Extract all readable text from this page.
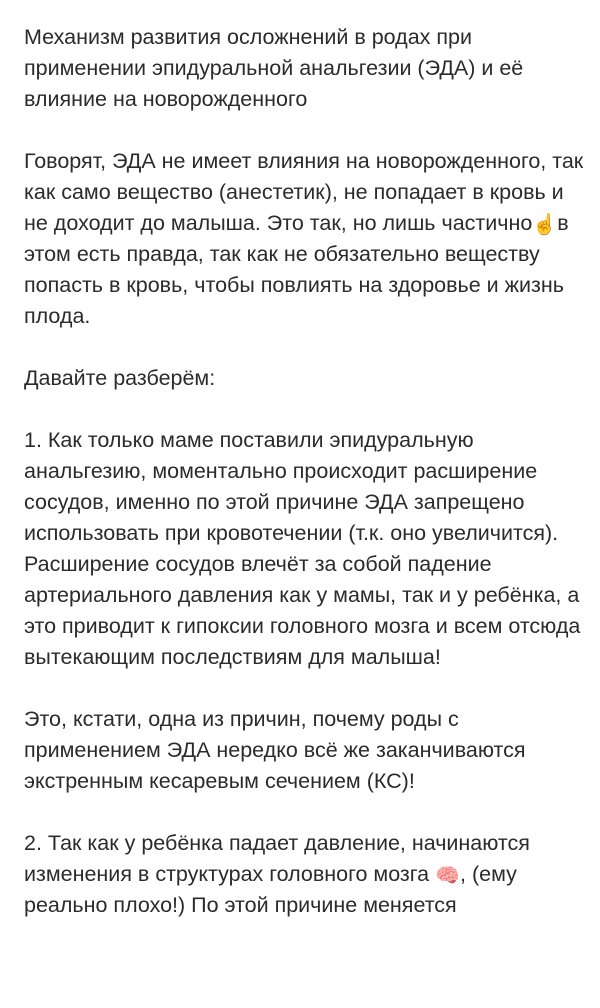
Механизм развития осложнений в родах при применении эпидуральной анальгезии (ЭДА) и её влияние на новорожденного

Говорят, ЭДА не имеет влияния на новорожденного, так как само вещество (анестетик), не попадает в кровь и не доходит до малыша. Это так, но лишь частично☝в этом есть правда, так как не обязательно веществу попасть в кровь, чтобы повлиять на здоровье и жизнь плода.

Давайте разберём:

1. Как только маме поставили эпидуральную анальгезию, моментально происходит расширение сосудов, именно по этой причине ЭДА запрещено использовать при кровотечении (т.к. оно увеличится). Расширение сосудов влечёт за собой падение артериального давления как у мамы, так и у ребёнка, а это приводит к гипоксии головного мозга и всем отсюда вытекающим последствиям для малыша!

Это, кстати, одна из причин, почему роды с применением ЭДА нередко всё же заканчиваются экстренным кесаревым сечением (КС)!

2. Так как у ребёнка падает давление, начинаются изменения в структурах головного мозга 🧠, (ему реально плохо!) По этой причине меняется
